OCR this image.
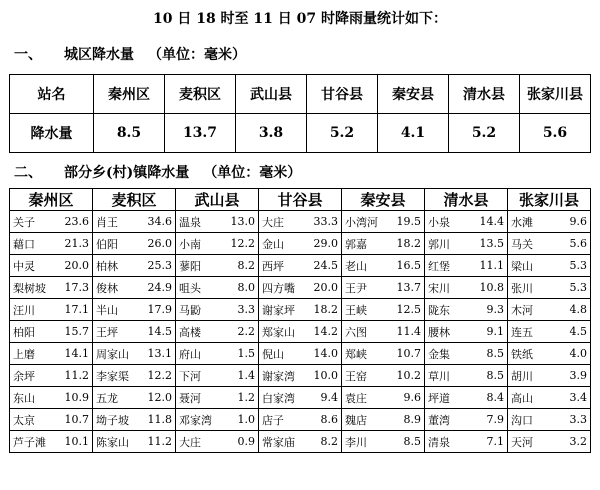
10 日 18 时至 11 日 07 时降雨量统计如下：
一、 城区降水量 （单位：毫米）
站名	秦州区	麦积区	武山县	甘谷县	秦安县	清水县	张家川县
降水量	8.5	13.7	3.8	5.2	4.1	5.2	5.6
二、 部分乡(村)镇降水量 （单位：毫米）
秦州区	麦积区	武山县	甘谷县	秦安县	清水县	张家川县

关子 23.6	肖王 34.6	温泉 13.0	大庄 33.3	小湾河 19.5	小泉 14.4	水滩 9.6

藉口 21.3	伯阳 26.0	小南 12.2	金山 29.0	郭嘉 18.2	郭川 13.5	马关 5.6

中灵 20.0	柏林 25.3	蓼阳 8.2	西坪 24.5	老山 16.5	红堡 11.1	梁山 5.3

梨树坡 17.3	俊林 24.9	咀头 8.0	四方嘴 20.0	王尹 13.7	宋川 10.8	张川 5.3

汪川 17.1	半山 17.9	马鼢 3.3	谢家坪 18.2	王峡 12.5	陇东 9.3	木河 4.8

柏阳 15.7	王坪 14.5	高楼 2.2	郑家山 14.2	六图 11.4	腰林 9.1	连五 4.5

上磨 14.1	周家山 13.1	府山 1.5	倪山 14.0	郑峡 10.7	金集 8.5	铁纸 4.0

余坪 11.2	李家渠 12.2	下河 1.4	谢家湾 10.0	王窑 10.2	草川 8.5	胡川 3.9

东山 10.9	五龙 12.0	聂河 1.2	白家湾 9.4	袁庄 9.6	坪道 8.4	高山 3.4

太京 10.7	坳子坡 11.8	邓家湾 1.0	店子 8.6	魏店 8.9	董湾 7.9	沟口 3.3

芦子滩 10.1	陈家山 11.2	大庄 0.9	常家庙 8.2	李川 8.5	清泉 7.1	天河 3.2
